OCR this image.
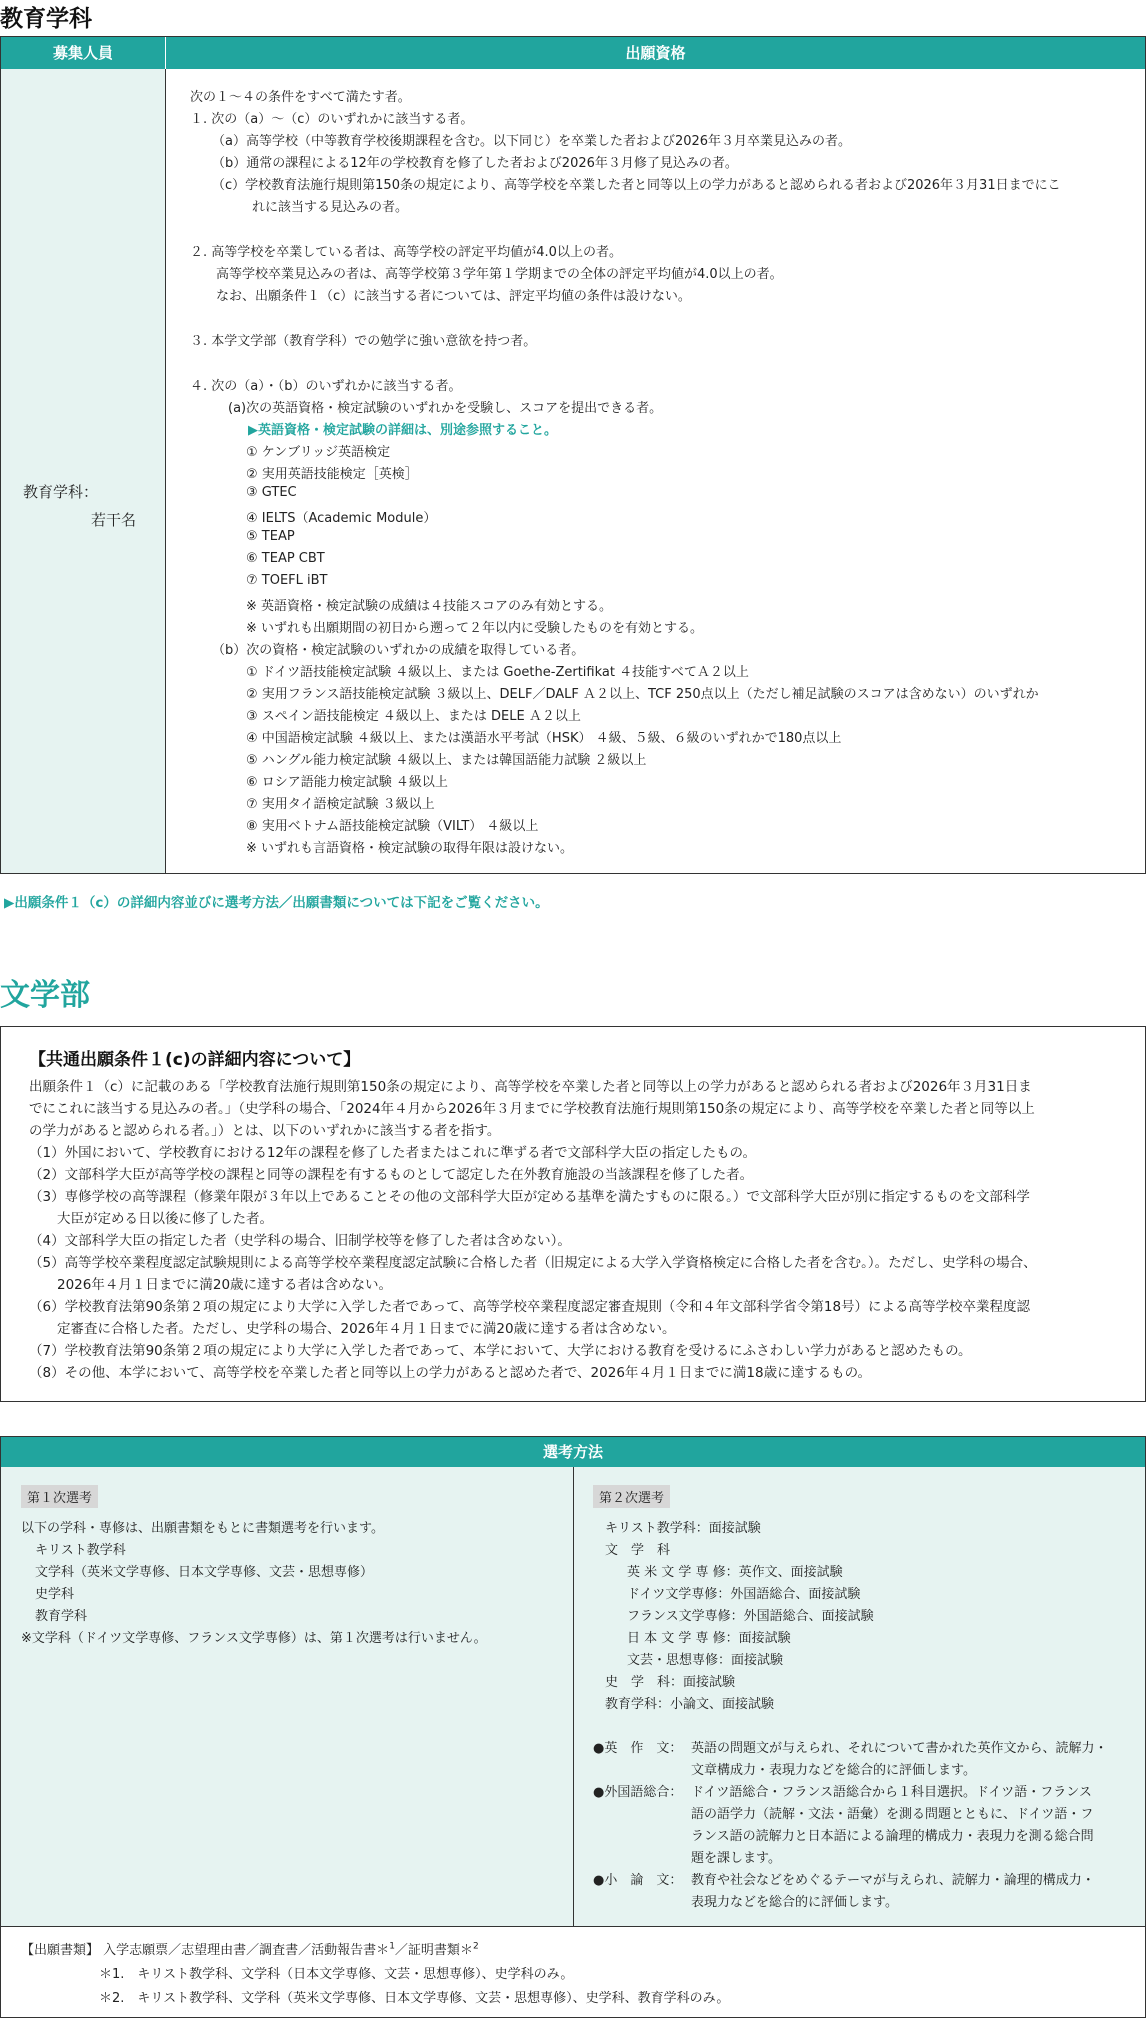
教育学科
募集人員	出願資格
教育学科：
若干名
次の１～４の条件をすべて満たす者。
１. 次の（a）～（c）のいずれかに該当する者。
（a）高等学校（中等教育学校後期課程を含む。以下同じ）を卒業した者および2026年３月卒業見込みの者。
（b）通常の課程による12年の学校教育を修了した者および2026年３月修了見込みの者。
（c）学校教育法施行規則第150条の規定により、高等学校を卒業した者と同等以上の学力があると認められる者および2026年３月31日までにこ
れに該当する見込みの者。
２. 高等学校を卒業している者は、高等学校の評定平均値が4.0以上の者。
高等学校卒業見込みの者は、高等学校第３学年第１学期までの全体の評定平均値が4.0以上の者。
なお、出願条件１（c）に該当する者については、評定平均値の条件は設けない。
３. 本学文学部（教育学科）での勉学に強い意欲を持つ者。
４. 次の（a）・（b）のいずれかに該当する者。
(a)次の英語資格・検定試験のいずれかを受験し、スコアを提出できる者。
▶英語資格・検定試験の詳細は、別途参照すること。
① ケンブリッジ英語検定
② 実用英語技能検定［英検］
③ GTEC
④ IELTS（Academic Module）
⑤ TEAP
⑥ TEAP CBT
⑦ TOEFL iBT
※ 英語資格・検定試験の成績は４技能スコアのみ有効とする。
※ いずれも出願期間の初日から遡って２年以内に受験したものを有効とする。
（b）次の資格・検定試験のいずれかの成績を取得している者。
① ドイツ語技能検定試験 ４級以上、または Goethe-Zertifikat ４技能すべてＡ２以上
② 実用フランス語技能検定試験 ３級以上、DELF／DALF Ａ２以上、TCF 250点以上（ただし補足試験のスコアは含めない）のいずれか
③ スペイン語技能検定 ４級以上、または DELE Ａ２以上
④ 中国語検定試験 ４級以上、または漢語水平考試（HSK） ４級、５級、６級のいずれかで180点以上
⑤ ハングル能力検定試験 ４級以上、または韓国語能力試験 ２級以上
⑥ ロシア語能力検定試験 ４級以上
⑦ 実用タイ語検定試験 ３級以上
⑧ 実用ベトナム語技能検定試験（VILT） ４級以上
※ いずれも言語資格・検定試験の取得年限は設けない。
▶出願条件１（c）の詳細内容並びに選考方法／出願書類については下記をご覧ください。
文学部
【共通出願条件１(c)の詳細内容について】
出願条件１（c）に記載のある「学校教育法施行規則第150条の規定により、高等学校を卒業した者と同等以上の学力があると認められる者および2026年３月31日ま
でにこれに該当する見込みの者。」（史学科の場合、「2024年４月から2026年３月までに学校教育法施行規則第150条の規定により、高等学校を卒業した者と同等以上
の学力があると認められる者。」）とは、以下のいずれかに該当する者を指す。
（1）外国において、学校教育における12年の課程を修了した者またはこれに準ずる者で文部科学大臣の指定したもの。
（2）文部科学大臣が高等学校の課程と同等の課程を有するものとして認定した在外教育施設の当該課程を修了した者。
（3）専修学校の高等課程（修業年限が３年以上であることその他の文部科学大臣が定める基準を満たすものに限る。）で文部科学大臣が別に指定するものを文部科学
大臣が定める日以後に修了した者。
（4）文部科学大臣の指定した者（史学科の場合、旧制学校等を修了した者は含めない）。
（5）高等学校卒業程度認定試験規則による高等学校卒業程度認定試験に合格した者（旧規定による大学入学資格検定に合格した者を含む。）。ただし、史学科の場合、
2026年４月１日までに満20歳に達する者は含めない。
（6）学校教育法第90条第２項の規定により大学に入学した者であって、高等学校卒業程度認定審査規則（令和４年文部科学省令第18号）による高等学校卒業程度認
定審査に合格した者。ただし、史学科の場合、2026年４月１日までに満20歳に達する者は含めない。
（7）学校教育法第90条第２項の規定により大学に入学した者であって、本学において、大学における教育を受けるにふさわしい学力があると認めたもの。
（8）その他、本学において、高等学校を卒業した者と同等以上の学力があると認めた者で、2026年４月１日までに満18歳に達するもの。
選考方法
第１次選考
以下の学科・専修は、出願書類をもとに書類選考を行います。
キリスト教学科
文学科（英米文学専修、日本文学専修、文芸・思想専修）
史学科
教育学科
※文学科（ドイツ文学専修、フランス文学専修）は、第１次選考は行いません。
第２次選考
キリスト教学科：面接試験
文　学　科
英 米 文 学 専 修：英作文、面接試験
ドイツ文学専修：外国語総合、面接試験
フランス文学専修：外国語総合、面接試験
日 本 文 学 専 修：面接試験
文芸・思想専修：面接試験
史　学　科：面接試験
教育学科：小論文、面接試験
●英　作　文： 英語の問題文が与えられ、それについて書かれた英作文から、読解力・
文章構成力・表現力などを総合的に評価します。
●外国語総合： ドイツ語総合・フランス語総合から１科目選択。ドイツ語・フランス
語の語学力（読解・文法・語彙）を測る問題とともに、ドイツ語・フ
ランス語の読解力と日本語による論理的構成力・表現力を測る総合問
題を課します。
●小　論　文： 教育や社会などをめぐるテーマが与えられ、読解力・論理的構成力・
表現力などを総合的に評価します。
【出願書類】 入学志願票／志望理由書／調査書／活動報告書＊$^1$／証明書類＊$^2$
＊1.　キリスト教学科、文学科（日本文学専修、文芸・思想専修）、史学科のみ。
＊2.　キリスト教学科、文学科（英米文学専修、日本文学専修、文芸・思想専修）、史学科、教育学科のみ。
